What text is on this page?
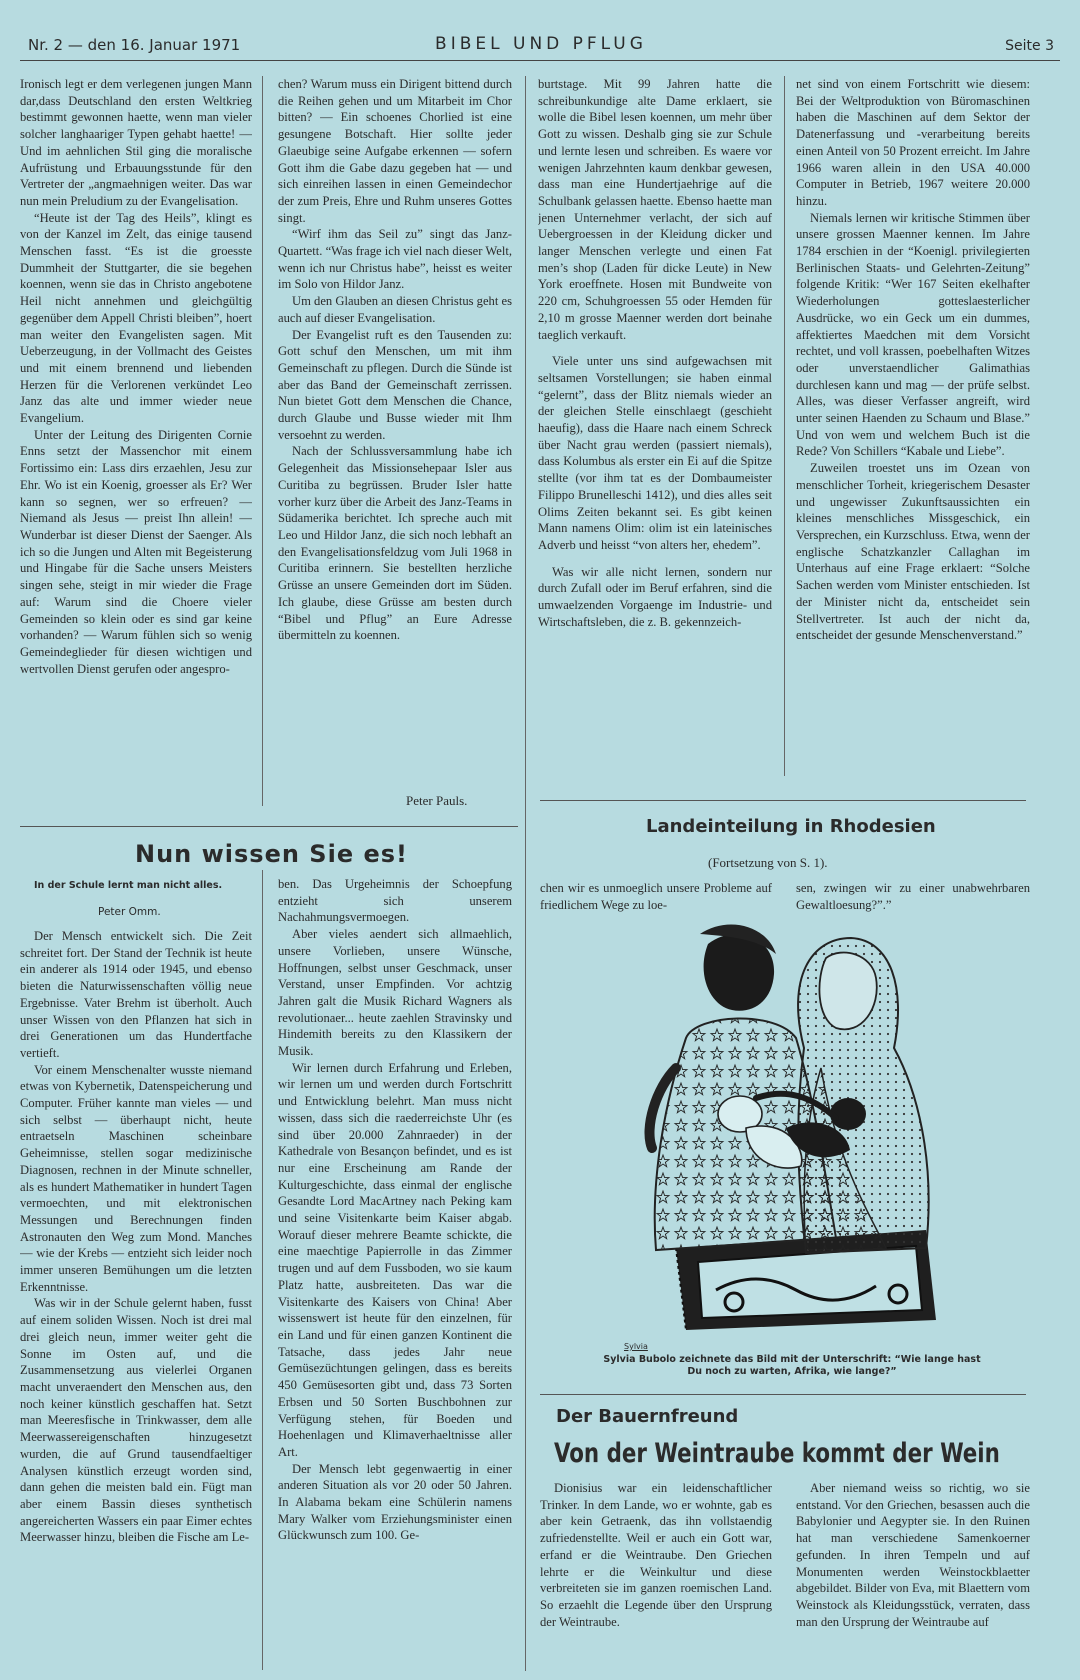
Nr. 2 — den 16. Januar 1971	BIBEL UND PFLUG	Seite 3

Ironisch legt er dem verlegenen jungen Mann dar,dass Deutschland den ersten Weltkrieg bestimmt gewonnen haette, wenn man vieler solcher langhaariger Typen gehabt haette! — Und im aehnlichen Stil ging die moralische Aufrüstung und Erbauungsstunde für den Vertreter der „angmaehnigen weiter. Das war nun mein Preludium zu der Evangelisation.

“Heute ist der Tag des Heils”, klingt es von der Kanzel im Zelt, das einige tausend Menschen fasst. “Es ist die groesste Dummheit der Stuttgarter, die sie begehen koennen, wenn sie das in Christo angebotene Heil nicht annehmen und gleichgültig gegenüber dem Appell Christi bleiben”, hoert man weiter den Evangelisten sagen. Mit Ueberzeugung, in der Vollmacht des Geistes und mit einem brennend und liebenden Herzen für die Verlorenen verkündet Leo Janz das alte und immer wieder neue Evangelium.

Unter der Leitung des Dirigenten Cornie Enns setzt der Massenchor mit einem Fortissimo ein: Lass dirs erzaehlen, Jesu zur Ehr. Wo ist ein Koenig, groesser als Er? Wer kann so segnen, wer so erfreuen? — Niemand als Jesus — preist Ihn allein! — Wunderbar ist dieser Dienst der Saenger. Als ich so die Jungen und Alten mit Begeisterung und Hingabe für die Sache unsers Meisters singen sehe, steigt in mir wieder die Frage auf: Warum sind die Choere vieler Gemeinden so klein oder es sind gar keine vorhanden? — Warum fühlen sich so wenig Gemeindeglieder für diesen wichtigen und wertvollen Dienst gerufen oder angespro-

chen? Warum muss ein Dirigent bittend durch die Reihen gehen und um Mitarbeit im Chor bitten? — Ein schoenes Chorlied ist eine gesungene Botschaft. Hier sollte jeder Glaeubige seine Aufgabe erkennen — sofern Gott ihm die Gabe dazu gegeben hat — und sich einreihen lassen in einen Gemeindechor der zum Preis, Ehre und Ruhm unseres Gottes singt.

“Wirf ihm das Seil zu” singt das Janz-Quartett. “Was frage ich viel nach dieser Welt, wenn ich nur Christus habe”, heisst es weiter im Solo von Hildor Janz.

Um den Glauben an diesen Christus geht es auch auf dieser Evangelisation.

Der Evangelist ruft es den Tausenden zu: Gott schuf den Menschen, um mit ihm Gemeinschaft zu pflegen. Durch die Sünde ist aber das Band der Gemeinschaft zerrissen. Nun bietet Gott dem Menschen die Chance, durch Glaube und Busse wieder mit Ihm versoehnt zu werden.

Nach der Schlussversammlung habe ich Gelegenheit das Missionsehepaar Isler aus Curitiba zu begrüssen. Bruder Isler hatte vorher kurz über die Arbeit des Janz-Teams in Südamerika berichtet. Ich spreche auch mit Leo und Hildor Janz, die sich noch lebhaft an den Evangelisationsfeldzug vom Juli 1968 in Curitiba erinnern. Sie bestellten herzliche Grüsse an unsere Gemeinden dort im Süden. Ich glaube, diese Grüsse am besten durch “Bibel und Pflug” an Eure Adresse übermitteln zu koennen.

Peter Pauls.

burtstage. Mit 99 Jahren hatte die schreibunkundige alte Dame erklaert, sie wolle die Bibel lesen koennen, um mehr über Gott zu wissen. Deshalb ging sie zur Schule und lernte lesen und schreiben. Es waere vor wenigen Jahrzehnten kaum denkbar gewesen, dass man eine Hundertjaehrige auf die Schulbank gelassen haette. Ebenso haette man jenen Unternehmer verlacht, der sich auf Uebergroessen in der Kleidung dicker und langer Menschen verlegte und einen Fat men’s shop (Laden für dicke Leute) in New York eroeffnete. Hosen mit Bundweite von 220 cm, Schuhgroessen 55 oder Hemden für 2,10 m grosse Maenner werden dort beinahe taeglich verkauft.

Viele unter uns sind aufgewachsen mit seltsamen Vorstellungen; sie haben einmal “gelernt”, dass der Blitz niemals wieder an der gleichen Stelle einschlaegt (geschieht haeufig), dass die Haare nach einem Schreck über Nacht grau werden (passiert niemals), dass Kolumbus als erster ein Ei auf die Spitze stellte (vor ihm tat es der Dombaumeister Filippo Brunelleschi 1412), und dies alles seit Olims Zeiten bekannt sei. Es gibt keinen Mann namens Olim: olim ist ein lateinisches Adverb und heisst “von alters her, ehedem”.

Was wir alle nicht lernen, sondern nur durch Zufall oder im Beruf erfahren, sind die umwaelzenden Vorgaenge im Industrie- und Wirtschaftsleben, die z. B. gekennzeich-

net sind von einem Fortschritt wie diesem: Bei der Weltproduktion von Büromaschinen haben die Maschinen auf dem Sektor der Datenerfassung und -verarbeitung bereits einen Anteil von 50 Prozent erreicht. Im Jahre 1966 waren allein in den USA 40.000 Computer in Betrieb, 1967 weitere 20.000 hinzu.

Niemals lernen wir kritische Stimmen über unsere grossen Maenner kennen. Im Jahre 1784 erschien in der “Koenigl. privilegierten Berlinischen Staats- und Gelehrten-Zeitung” folgende Kritik: “Wer 167 Seiten ekelhafter Wiederholungen gotteslaesterlicher Ausdrücke, wo ein Geck um ein dummes, affektiertes Maedchen mit dem Vorsicht rechtet, und voll krassen, poebelhaften Witzes oder unverstaendlicher Galimathias durchlesen kann und mag — der prüfe selbst. Alles, was dieser Verfasser angreift, wird unter seinen Haenden zu Schaum und Blase.” Und von wem und welchem Buch ist die Rede? Von Schillers “Kabale und Liebe”.

Zuweilen troestet uns im Ozean von menschlicher Torheit, kriegerischem Desaster und ungewisser Zukunftsaussichten ein kleines menschliches Missgeschick, ein Versprechen, ein Kurzschluss. Etwa, wenn der englische Schatzkanzler Callaghan im Unterhaus auf eine Frage erklaert: “Solche Sachen werden vom Minister entschieden. Ist der Minister nicht da, entscheidet sein Stellvertreter. Ist auch der nicht da, entscheidet der gesunde Menschenverstand.”

Nun wissen Sie es!
In der Schule lernt man nicht alles.
Peter Omm.

Der Mensch entwickelt sich. Die Zeit schreitet fort. Der Stand der Technik ist heute ein anderer als 1914 oder 1945, und ebenso bieten die Naturwissenschaften völlig neue Ergebnisse. Vater Brehm ist überholt. Auch unser Wissen von den Pflanzen hat sich in drei Generationen um das Hundertfache vertieft.

Vor einem Menschenalter wusste niemand etwas von Kybernetik, Datenspeicherung und Computer. Früher kannte man vieles — und sich selbst — überhaupt nicht, heute entraetseln Maschinen scheinbare Geheimnisse, stellen sogar medizinische Diagnosen, rechnen in der Minute schneller, als es hundert Mathematiker in hundert Tagen vermoechten, und mit elektronischen Messungen und Berechnungen finden Astronauten den Weg zum Mond. Manches — wie der Krebs — entzieht sich leider noch immer unseren Bemühungen um die letzten Erkenntnisse.

Was wir in der Schule gelernt haben, fusst auf einem soliden Wissen. Noch ist drei mal drei gleich neun, immer weiter geht die Sonne im Osten auf, und die Zusammensetzung aus vielerlei Organen macht unveraendert den Menschen aus, den noch keiner künstlich geschaffen hat. Setzt man Meeresfische in Trinkwasser, dem alle Meerwassereigenschaften hinzugesetzt wurden, die auf Grund tausendfaeltiger Analysen künstlich erzeugt worden sind, dann gehen die meisten bald ein. Fügt man aber einem Bassin dieses synthetisch angereicherten Wassers ein paar Eimer echtes Meerwasser hinzu, bleiben die Fische am Le-

ben. Das Urgeheimnis der Schoepfung entzieht sich unserem Nachahmungsvermoegen.

Aber vieles aendert sich allmaehlich, unsere Vorlieben, unsere Wünsche, Hoffnungen, selbst unser Geschmack, unser Verstand, unser Empfinden. Vor achtzig Jahren galt die Musik Richard Wagners als revolutionaer... heute zaehlen Stravinsky und Hindemith bereits zu den Klassikern der Musik.

Wir lernen durch Erfahrung und Erleben, wir lernen um und werden durch Fortschritt und Entwicklung belehrt. Man muss nicht wissen, dass sich die raederreichste Uhr (es sind über 20.000 Zahnraeder) in der Kathedrale von Besançon befindet, und es ist nur eine Erscheinung am Rande der Kulturgeschichte, dass einmal der englische Gesandte Lord MacArtney nach Peking kam und seine Visitenkarte beim Kaiser abgab. Worauf dieser mehrere Beamte schickte, die eine maechtige Papierrolle in das Zimmer trugen und auf dem Fussboden, wo sie kaum Platz hatte, ausbreiteten. Das war die Visitenkarte des Kaisers von China! Aber wissenswert ist heute für den einzelnen, für ein Land und für einen ganzen Kontinent die Tatsache, dass jedes Jahr neue Gemüsezüchtungen gelingen, dass es bereits 450 Gemüsesorten gibt und, dass 73 Sorten Erbsen und 50 Sorten Buschbohnen zur Verfügung stehen, für Boeden und Hoehenlagen und Klimaverhaeltnisse aller Art.

Der Mensch lebt gegenwaertig in einer anderen Situation als vor 20 oder 50 Jahren. In Alabama bekam eine Schülerin namens Mary Walker vom Erziehungsminister einen Glückwunsch zum 100. Ge-

Landeinteilung in Rhodesien
(Fortsetzung von S. 1).

chen wir es unmoeglich unsere Probleme auf friedlichem Wege zu loe-

sen, zwingen wir zu einer unabwehrbaren Gewaltloesung?”.”

Sylvia
Sylvia Bubolo zeichnete das Bild mit der Unterschrift: “Wie lange hast Du noch zu warten, Afrika, wie lange?”
Der Bauernfreund
Von der Weintraube kommt der Wein

Dionisius war ein leidenschaftlicher Trinker. In dem Lande, wo er wohnte, gab es aber kein Getraenk, das ihn vollstaendig zufriedenstellte. Weil er auch ein Gott war, erfand er die Weintraube. Den Griechen lehrte er die Weinkultur und diese verbreiteten sie im ganzen roemischen Land. So erzaehlt die Legende über den Ursprung der Weintraube.

Aber niemand weiss so richtig, wo sie entstand. Vor den Griechen, besassen auch die Babylonier und Aegypter sie. In den Ruinen hat man verschiedene Samenkoerner gefunden. In ihren Tempeln und auf Monumenten werden Weinstockblaetter abgebildet. Bilder von Eva, mit Blaettern vom Weinstock als Kleidungsstück, verraten, dass man den Ursprung der Weintraube auf
